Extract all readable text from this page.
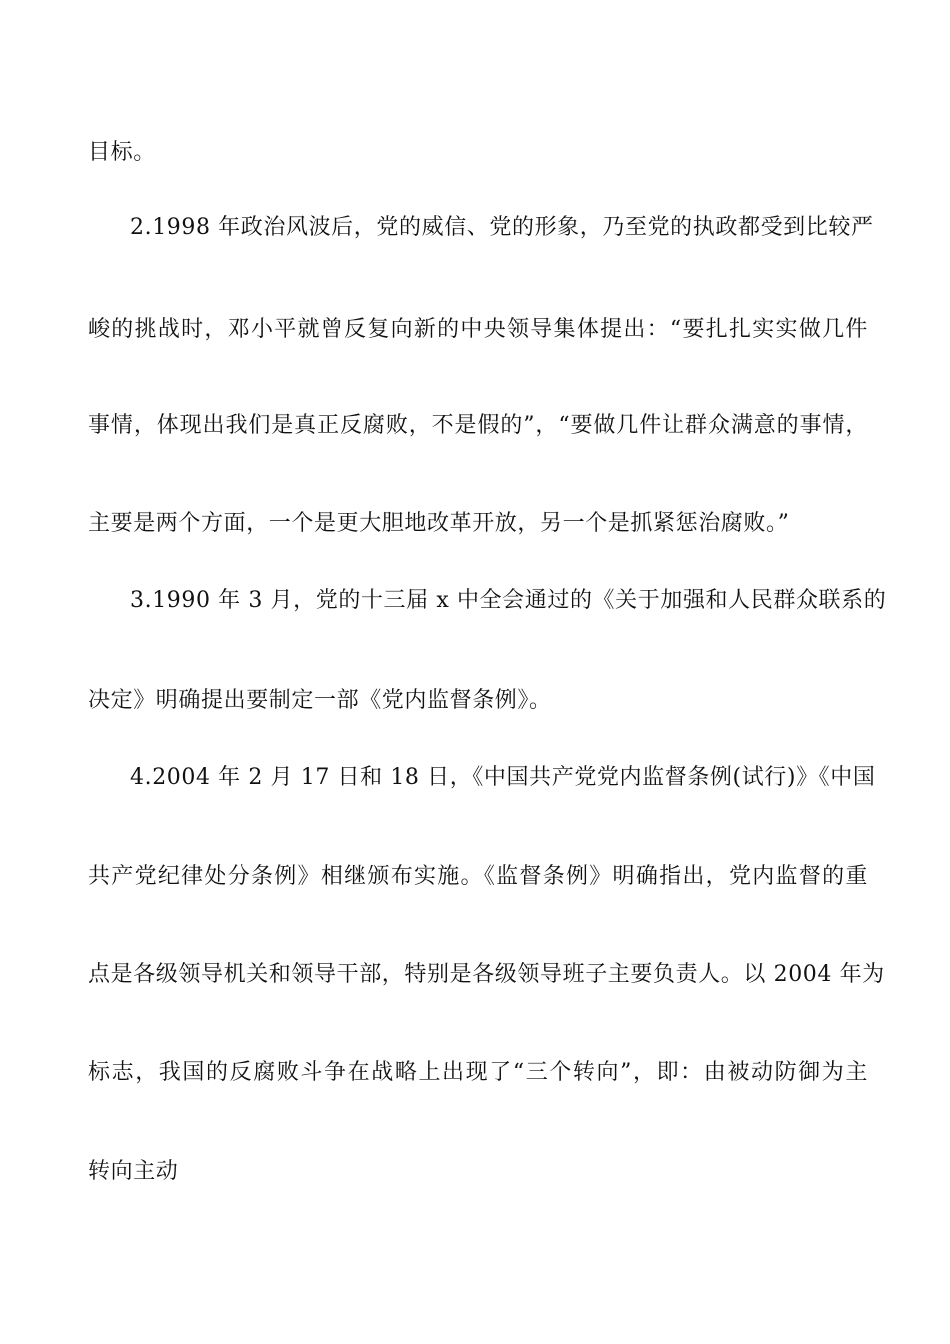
目标。
2.1998 年政治风波后，党的威信、党的形象，乃至党的执政都受到比较严
峻的挑战时，邓小平就曾反复向新的中央领导集体提出：“要扎扎实实做几件
事情，体现出我们是真正反腐败，不是假的”，“要做几件让群众满意的事情，
主要是两个方面，一个是更大胆地改革开放，另一个是抓紧惩治腐败。”
3.1990 年 3 月，党的十三届 x 中全会通过的《关于加强和人民群众联系的
决定》明确提出要制定一部《党内监督条例》。
4.2004 年 2 月 17 日和 18 日，《中国共产党党内监督条例(试行)》《中国
共产党纪律处分条例》相继颁布实施。《监督条例》明确指出，党内监督的重
点是各级领导机关和领导干部，特别是各级领导班子主要负责人。以 2004 年为
标志，我国的反腐败斗争在战略上出现了“三个转向”，即：由被动防御为主
转向主动
